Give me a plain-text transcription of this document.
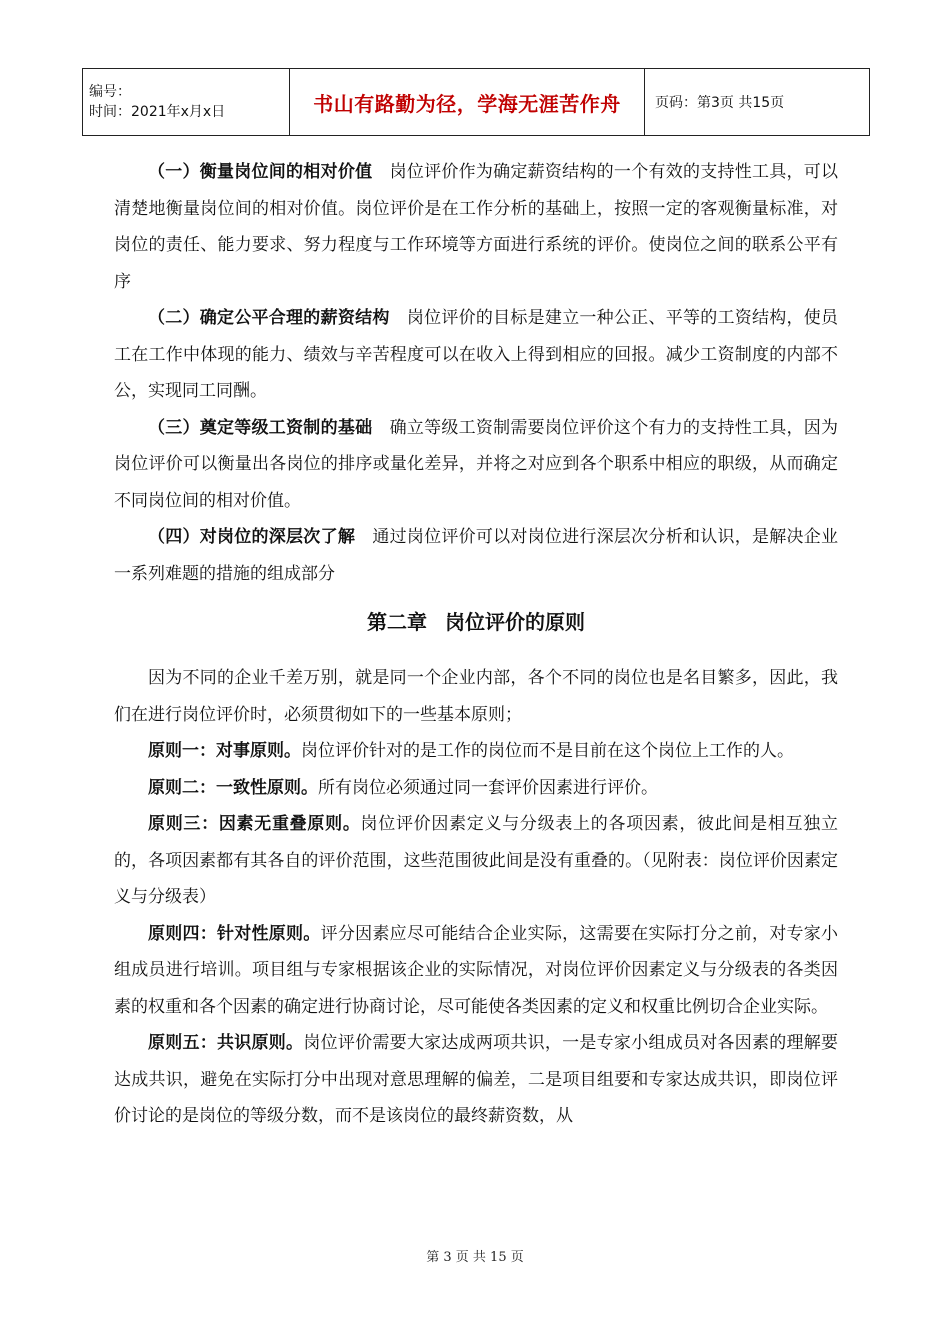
编号：
时间：2021年x月x日	书山有路勤为径，学海无涯苦作舟	页码：第3页 共15页

（一）衡量岗位间的相对价值  岗位评价作为确定薪资结构的一个有效的支持性工具，可以清楚地衡量岗位间的相对价值。岗位评价是在工作分析的基础上，按照一定的客观衡量标准，对岗位的责任、能力要求、努力程度与工作环境等方面进行系统的评价。使岗位之间的联系公平有序

（二）确定公平合理的薪资结构  岗位评价的目标是建立一种公正、平等的工资结构，使员工在工作中体现的能力、绩效与辛苦程度可以在收入上得到相应的回报。减少工资制度的内部不公，实现同工同酬。

（三）奠定等级工资制的基础  确立等级工资制需要岗位评价这个有力的支持性工具，因为岗位评价可以衡量出各岗位的排序或量化差异，并将之对应到各个职系中相应的职级，从而确定不同岗位间的相对价值。

（四）对岗位的深层次了解  通过岗位评价可以对岗位进行深层次分析和认识，是解决企业一系列难题的措施的组成部分

第二章 岗位评价的原则

因为不同的企业千差万别，就是同一个企业内部，各个不同的岗位也是名目繁多，因此，我们在进行岗位评价时，必须贯彻如下的一些基本原则；

原则一：对事原则。岗位评价针对的是工作的岗位而不是目前在这个岗位上工作的人。

原则二：一致性原则。所有岗位必须通过同一套评价因素进行评价。

原则三：因素无重叠原则。岗位评价因素定义与分级表上的各项因素，彼此间是相互独立的，各项因素都有其各自的评价范围，这些范围彼此间是没有重叠的。（见附表：岗位评价因素定义与分级表）

原则四：针对性原则。评分因素应尽可能结合企业实际，这需要在实际打分之前，对专家小组成员进行培训。项目组与专家根据该企业的实际情况，对岗位评价因素定义与分级表的各类因素的权重和各个因素的确定进行协商讨论，尽可能使各类因素的定义和权重比例切合企业实际。

原则五：共识原则。岗位评价需要大家达成两项共识，一是专家小组成员对各因素的理解要达成共识，避免在实际打分中出现对意思理解的偏差，二是项目组要和专家达成共识，即岗位评价讨论的是岗位的等级分数，而不是该岗位的最终薪资数，从

第 3 页 共 15 页
